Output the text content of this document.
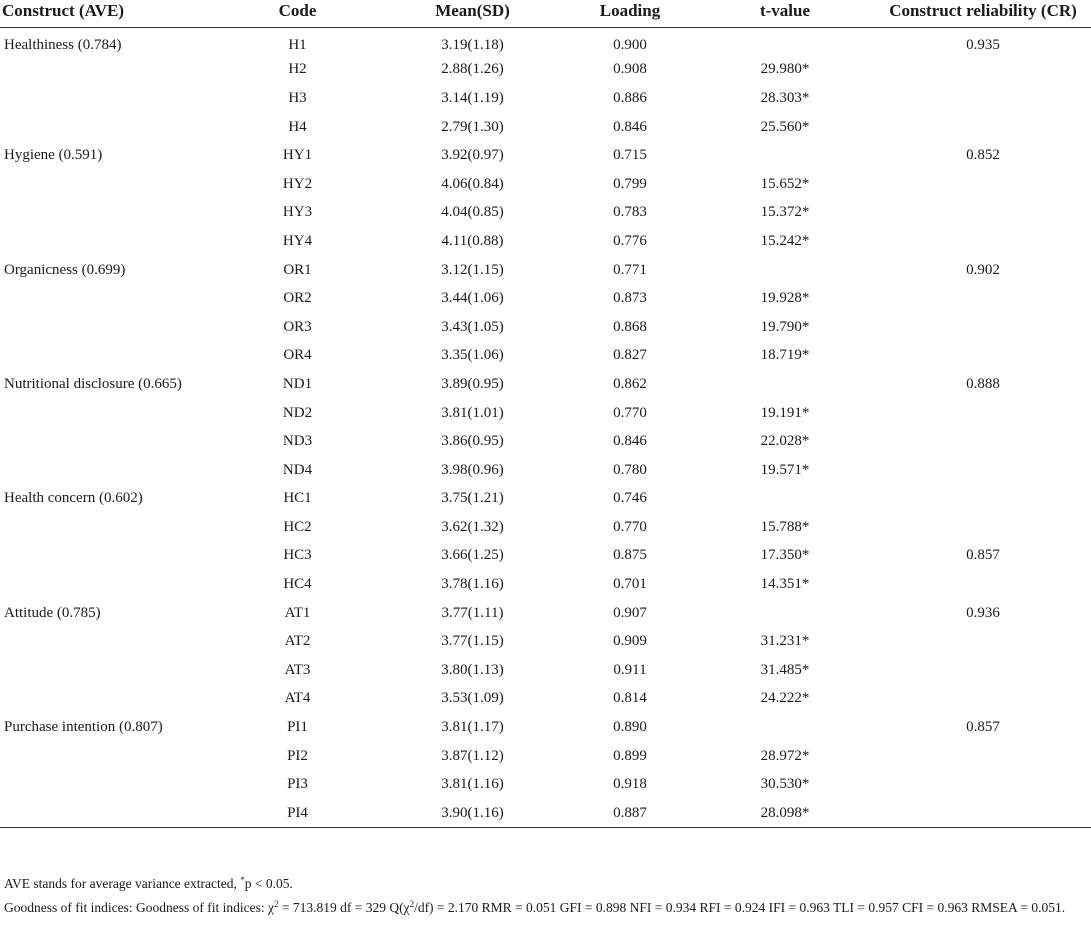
Construct (AVE)	Code	Mean(SD)	Loading	t-value	Construct reliability (CR)
Healthiness (0.784)	H1	3.19(1.18)	0.900		0.935
	H2	2.88(1.26)	0.908	29.980*	
	H3	3.14(1.19)	0.886	28.303*	
	H4	2.79(1.30)	0.846	25.560*	
Hygiene (0.591)	HY1	3.92(0.97)	0.715		0.852
	HY2	4.06(0.84)	0.799	15.652*	
	HY3	4.04(0.85)	0.783	15.372*	
	HY4	4.11(0.88)	0.776	15.242*	
Organicness (0.699)	OR1	3.12(1.15)	0.771		0.902
	OR2	3.44(1.06)	0.873	19.928*	
	OR3	3.43(1.05)	0.868	19.790*	
	OR4	3.35(1.06)	0.827	18.719*	
Nutritional disclosure (0.665)	ND1	3.89(0.95)	0.862		0.888
	ND2	3.81(1.01)	0.770	19.191*	
	ND3	3.86(0.95)	0.846	22.028*	
	ND4	3.98(0.96)	0.780	19.571*	
Health concern (0.602)	HC1	3.75(1.21)	0.746		
	HC2	3.62(1.32)	0.770	15.788*	
	HC3	3.66(1.25)	0.875	17.350*	0.857
	HC4	3.78(1.16)	0.701	14.351*	
Attitude (0.785)	AT1	3.77(1.11)	0.907		0.936
	AT2	3.77(1.15)	0.909	31.231*	
	AT3	3.80(1.13)	0.911	31.485*	
	AT4	3.53(1.09)	0.814	24.222*	
Purchase intention (0.807)	PI1	3.81(1.17)	0.890		0.857
	PI2	3.87(1.12)	0.899	28.972*	
	PI3	3.81(1.16)	0.918	30.530*	
	PI4	3.90(1.16)	0.887	28.098*	

AVE stands for average variance extracted, *p < 0.05.

Goodness of fit indices: Goodness of fit indices: $\chi^2 = 713.819$ df = 329 $Q(\chi^2/df) = 2.170$ RMR = 0.051 GFI = 0.898 NFI = 0.934 RFI = 0.924 IFI = 0.963 TLI = 0.957 CFI = 0.963 RMSEA = 0.051.
